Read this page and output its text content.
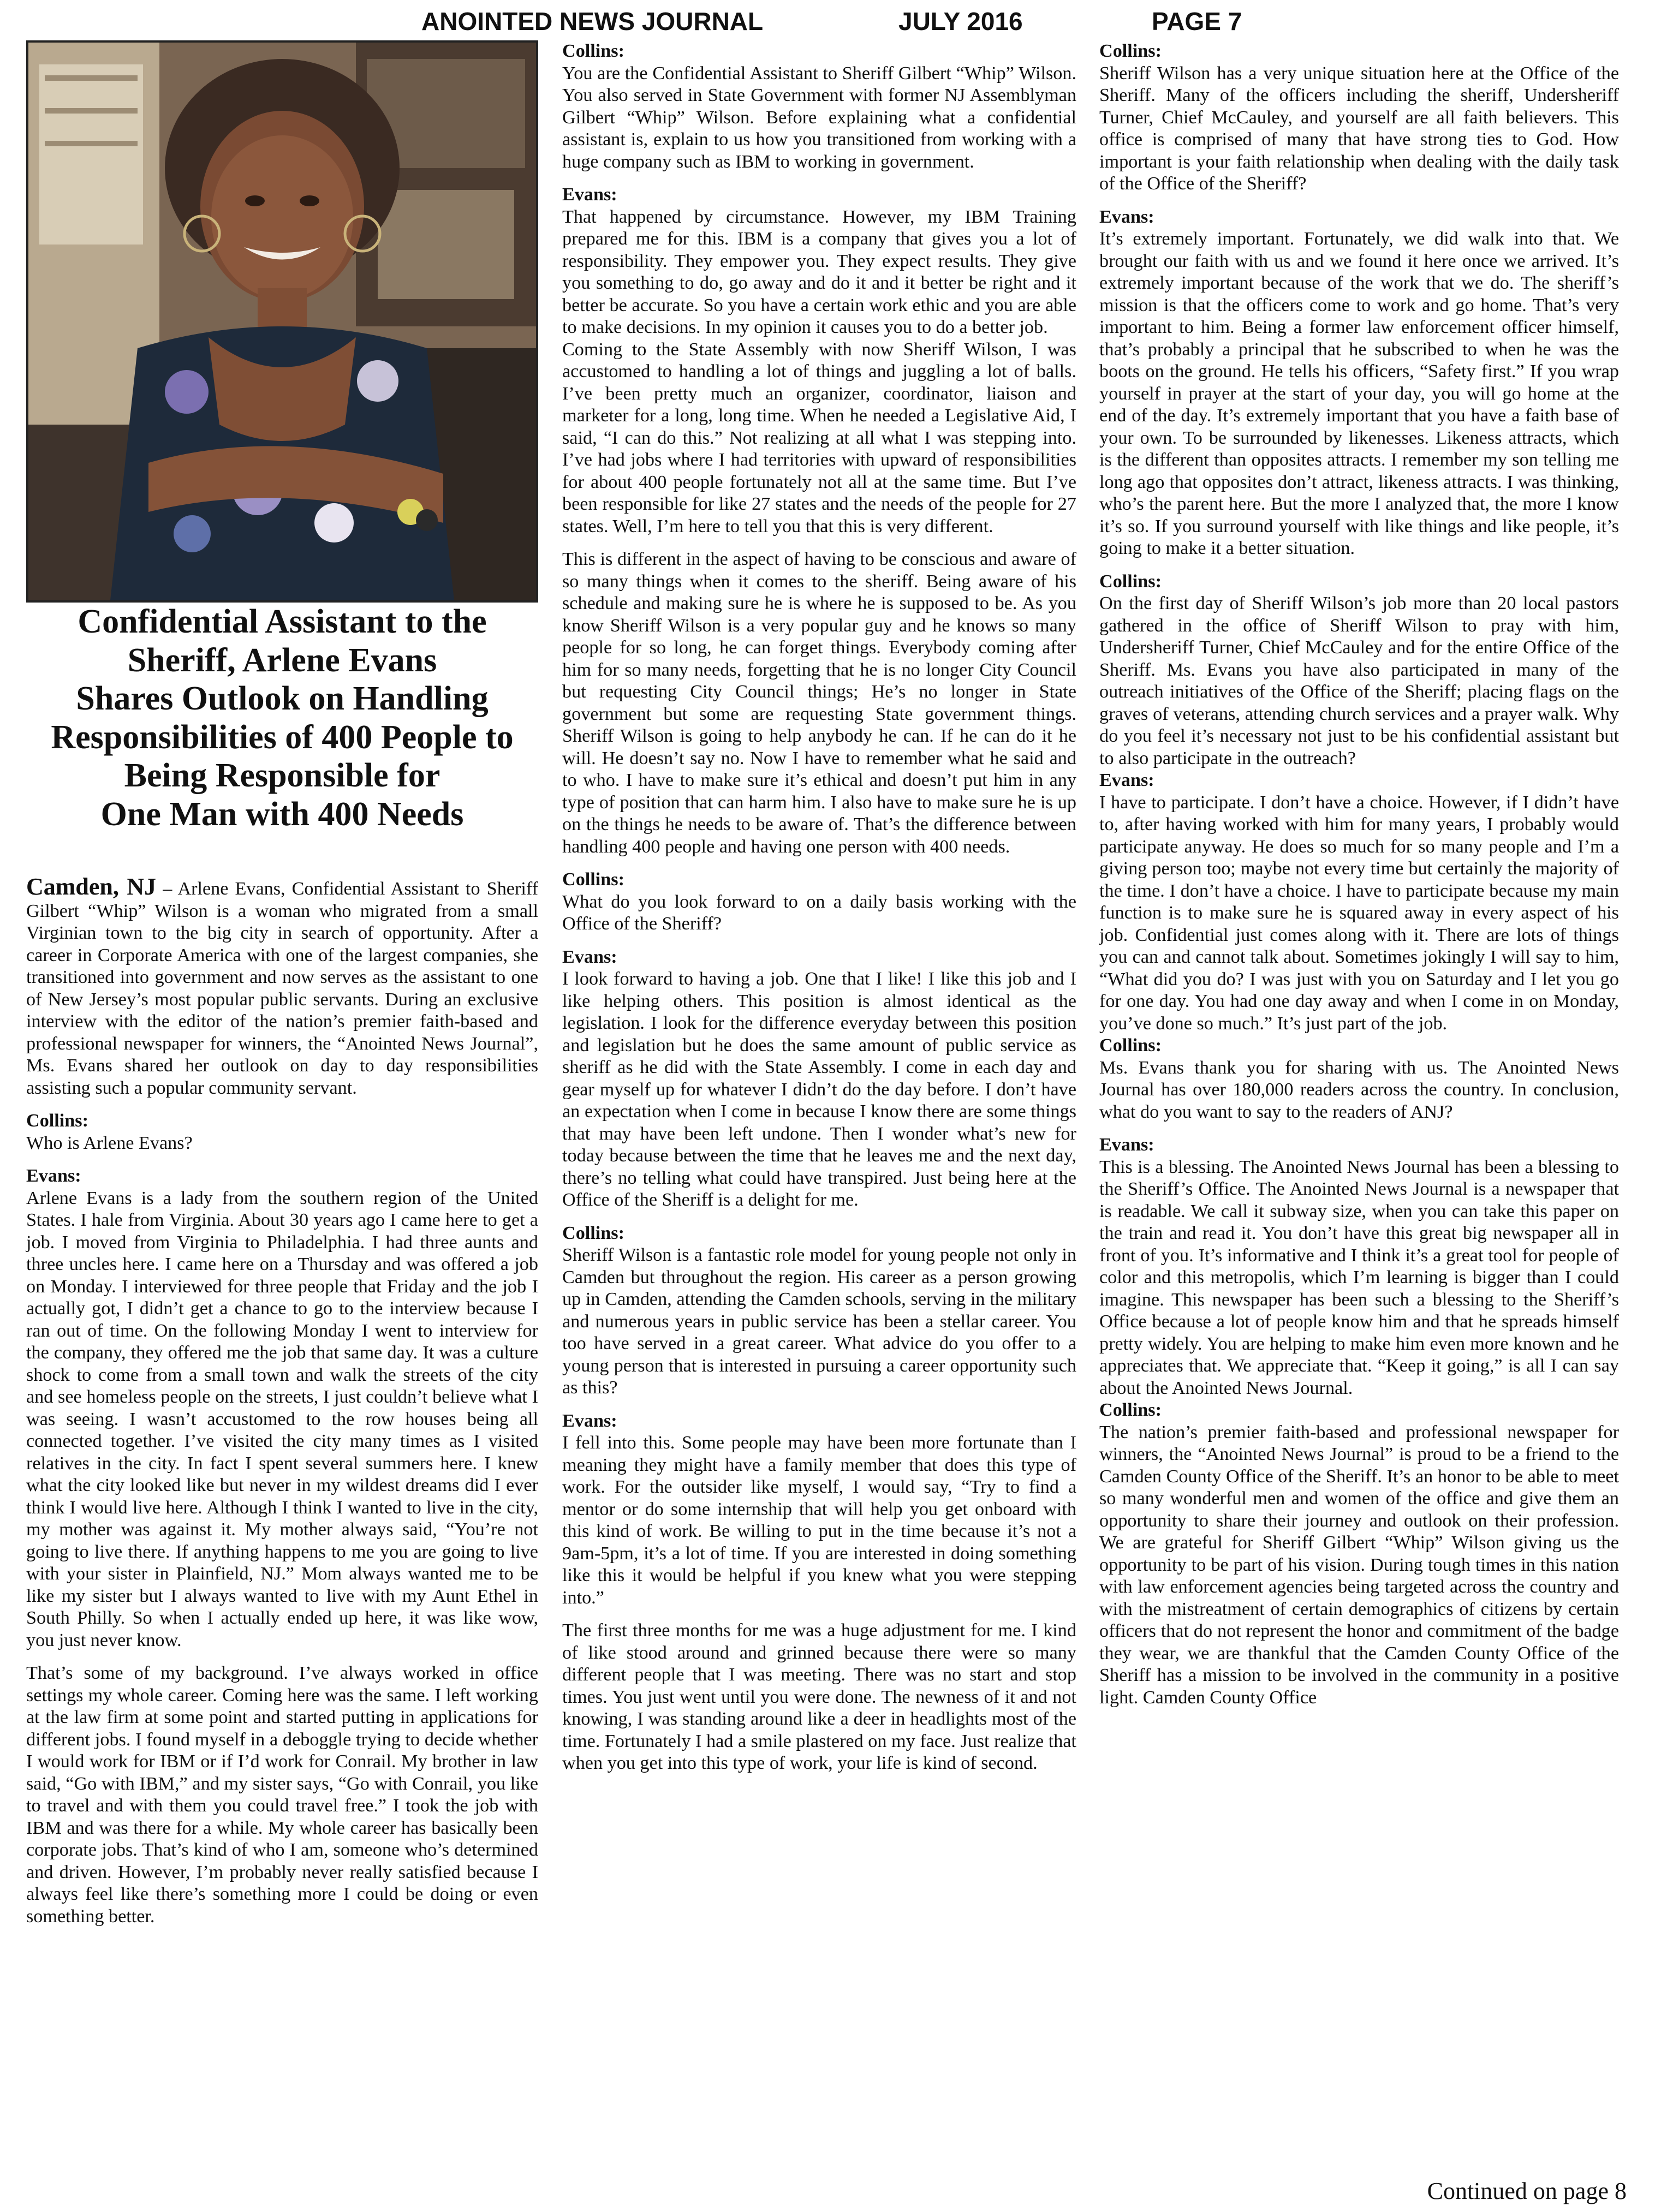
ANOINTED NEWS JOURNAL	JULY 2016	PAGE 7
Confidential Assistant to the
Sheriff, Arlene Evans
Shares Outlook on Handling
Responsibilities of 400 People to
Being Responsible for
One Man with 400 Needs

Camden, NJ – Arlene Evans, Confidential Assistant to Sheriff Gilbert “Whip” Wilson is a woman who migrated from a small Virginian town to the big city in search of opportunity. After a career in Corporate America with one of the largest companies, she transitioned into government and now serves as the assistant to one of New Jersey’s most popular public servants. During an exclusive interview with the editor of the nation’s premier faith-based and professional newspaper for winners, the “Anointed News Journal”, Ms. Evans shared her outlook on day to day responsibilities assisting such a popular community servant.

Collins:

Who is Arlene Evans?

Evans:

Arlene Evans is a lady from the southern region of the United States. I hale from Virginia. About 30 years ago I came here to get a job. I moved from Virginia to Philadelphia. I had three aunts and three uncles here. I came here on a Thursday and was offered a job on Monday. I interviewed for three people that Friday and the job I actually got, I didn’t get a chance to go to the interview because I ran out of time. On the following Monday I went to interview for the company, they offered me the job that same day. It was a culture shock to come from a small town and walk the streets of the city and see homeless people on the streets, I just couldn’t believe what I was seeing. I wasn’t accustomed to the row houses being all connected together. I’ve visited the city many times as I visited relatives in the city. In fact I spent several summers here. I knew what the city looked like but never in my wildest dreams did I ever think I would live here. Although I think I wanted to live in the city, my mother was against it. My mother always said, “You’re not going to live there. If anything happens to me you are going to live with your sister in Plainfield, NJ.” Mom always wanted me to be like my sister but I always wanted to live with my Aunt Ethel in South Philly. So when I actually ended up here, it was like wow, you just never know.

That’s some of my background. I’ve always worked in office settings my whole career. Coming here was the same. I left working at the law firm at some point and started putting in applications for different jobs. I found myself in a deboggle trying to decide whether I would work for IBM or if I’d work for Conrail. My brother in law said, “Go with IBM,” and my sister says, “Go with Conrail, you like to travel and with them you could travel free.” I took the job with IBM and was there for a while. My whole career has basically been corporate jobs. That’s kind of who I am, someone who’s determined and driven. However, I’m probably never really satisfied because I always feel like there’s something more I could be doing or even something better.

Collins:

You are the Confidential Assistant to Sheriff Gilbert “Whip” Wilson. You also served in State Government with former NJ Assemblyman Gilbert “Whip” Wilson. Before explaining what a confidential assistant is, explain to us how you transitioned from working with a huge company such as IBM to working in government.

Evans:

That happened by circumstance. However, my IBM Training prepared me for this. IBM is a company that gives you a lot of responsibility. They empower you. They expect results. They give you something to do, go away and do it and it better be right and it better be accurate. So you have a certain work ethic and you are able to make decisions. In my opinion it causes you to do a better job.

Coming to the State Assembly with now Sheriff Wilson, I was accustomed to handling a lot of things and juggling a lot of balls. I’ve been pretty much an organizer, coordinator, liaison and marketer for a long, long time. When he needed a Legislative Aid, I said, “I can do this.” Not realizing at all what I was stepping into. I’ve had jobs where I had territories with upward of responsibilities for about 400 people fortunately not all at the same time. But I’ve been responsible for like 27 states and the needs of the people for 27 states. Well, I’m here to tell you that this is very different.

This is different in the aspect of having to be conscious and aware of so many things when it comes to the sheriff. Being aware of his schedule and making sure he is where he is supposed to be. As you know Sheriff Wilson is a very popular guy and he knows so many people for so long, he can forget things. Everybody coming after him for so many needs, forgetting that he is no longer City Council but requesting City Council things; He’s no longer in State government but some are requesting State government things. Sheriff Wilson is going to help anybody he can. If he can do it he will. He doesn’t say no. Now I have to remember what he said and to who. I have to make sure it’s ethical and doesn’t put him in any type of position that can harm him. I also have to make sure he is up on the things he needs to be aware of. That’s the difference between handling 400 people and having one person with 400 needs.

Collins:

What do you look forward to on a daily basis working with the Office of the Sheriff?

Evans:

I look forward to having a job. One that I like! I like this job and I like helping others. This position is almost identical as the legislation. I look for the difference everyday between this position and legislation but he does the same amount of public service as sheriff as he did with the State Assembly. I come in each day and gear myself up for whatever I didn’t do the day before. I don’t have an expectation when I come in because I know there are some things that may have been left undone. Then I wonder what’s new for today because between the time that he leaves me and the next day, there’s no telling what could have transpired. Just being here at the Office of the Sheriff is a delight for me.

Collins:

Sheriff Wilson is a fantastic role model for young people not only in Camden but throughout the region. His career as a person growing up in Camden, attending the Camden schools, serving in the military and numerous years in public service has been a stellar career. You too have served in a great career. What advice do you offer to a young person that is interested in pursuing a career opportunity such as this?

Evans:

I fell into this. Some people may have been more fortunate than I meaning they might have a family member that does this type of work. For the outsider like myself, I would say, “Try to find a mentor or do some internship that will help you get onboard with this kind of work. Be willing to put in the time because it’s not a 9am-5pm, it’s a lot of time. If you are interested in doing something like this it would be helpful if you knew what you were stepping into.”

The first three months for me was a huge adjustment for me. I kind of like stood around and grinned because there were so many different people that I was meeting. There was no start and stop times. You just went until you were done. The newness of it and not knowing, I was standing around like a deer in headlights most of the time. Fortunately I had a smile plastered on my face. Just realize that when you get into this type of work, your life is kind of second.

Collins:

Sheriff Wilson has a very unique situation here at the Office of the Sheriff. Many of the officers including the sheriff, Undersheriff Turner, Chief McCauley, and yourself are all faith believers. This office is comprised of many that have strong ties to God. How important is your faith relationship when dealing with the daily task of the Office of the Sheriff?

Evans:

It’s extremely important. Fortunately, we did walk into that. We brought our faith with us and we found it here once we arrived. It’s extremely important because of the work that we do. The sheriff’s mission is that the officers come to work and go home. That’s very important to him. Being a former law enforcement officer himself, that’s probably a principal that he subscribed to when he was the boots on the ground. He tells his officers, “Safety first.” If you wrap yourself in prayer at the start of your day, you will go home at the end of the day. It’s extremely important that you have a faith base of your own. To be surrounded by likenesses. Likeness attracts, which is the different than opposites attracts. I remember my son telling me long ago that opposites don’t attract, likeness attracts. I was thinking, who’s the parent here. But the more I analyzed that, the more I know it’s so. If you surround yourself with like things and like people, it’s going to make it a better situation.

Collins:

On the first day of Sheriff Wilson’s job more than 20 local pastors gathered in the office of Sheriff Wilson to pray with him, Undersheriff Turner, Chief McCauley and for the entire Office of the Sheriff. Ms. Evans you have also participated in many of the outreach initiatives of the Office of the Sheriff; placing flags on the graves of veterans, attending church services and a prayer walk. Why do you feel it’s necessary not just to be his confidential assistant but to also participate in the outreach?

Evans:

I have to participate. I don’t have a choice. However, if I didn’t have to, after having worked with him for many years, I probably would participate anyway. He does so much for so many people and I’m a giving person too; maybe not every time but certainly the majority of the time. I don’t have a choice. I have to participate because my main function is to make sure he is squared away in every aspect of his job. Confidential just comes along with it. There are lots of things you can and cannot talk about. Sometimes jokingly I will say to him, “What did you do? I was just with you on Saturday and I let you go for one day. You had one day away and when I come in on Monday, you’ve done so much.” It’s just part of the job.

Collins:

Ms. Evans thank you for sharing with us. The Anointed News Journal has over 180,000 readers across the country. In conclusion, what do you want to say to the readers of ANJ?

Evans:

This is a blessing. The Anointed News Journal has been a blessing to the Sheriff’s Office. The Anointed News Journal is a newspaper that is readable. We call it subway size, when you can take this paper on the train and read it. You don’t have this great big newspaper all in front of you. It’s informative and I think it’s a great tool for people of color and this metropolis, which I’m learning is bigger than I could imagine. This newspaper has been such a blessing to the Sheriff’s Office because a lot of people know him and that he spreads himself pretty widely. You are helping to make him even more known and he appreciates that. We appreciate that. “Keep it going,” is all I can say about the Anointed News Journal.

Collins:

The nation’s premier faith-based and professional newspaper for winners, the “Anointed News Journal” is proud to be a friend to the Camden County Office of the Sheriff. It’s an honor to be able to meet so many wonderful men and women of the office and give them an opportunity to share their journey and outlook on their profession. We are grateful for Sheriff Gilbert “Whip” Wilson giving us the opportunity to be part of his vision. During tough times in this nation with law enforcement agencies being targeted across the country and with the mistreatment of certain demographics of citizens by certain officers that do not represent the honor and commitment of the badge they wear, we are thankful that the Camden County Office of the Sheriff has a mission to be involved in the community in a positive light. Camden County Office

Continued on page 8
